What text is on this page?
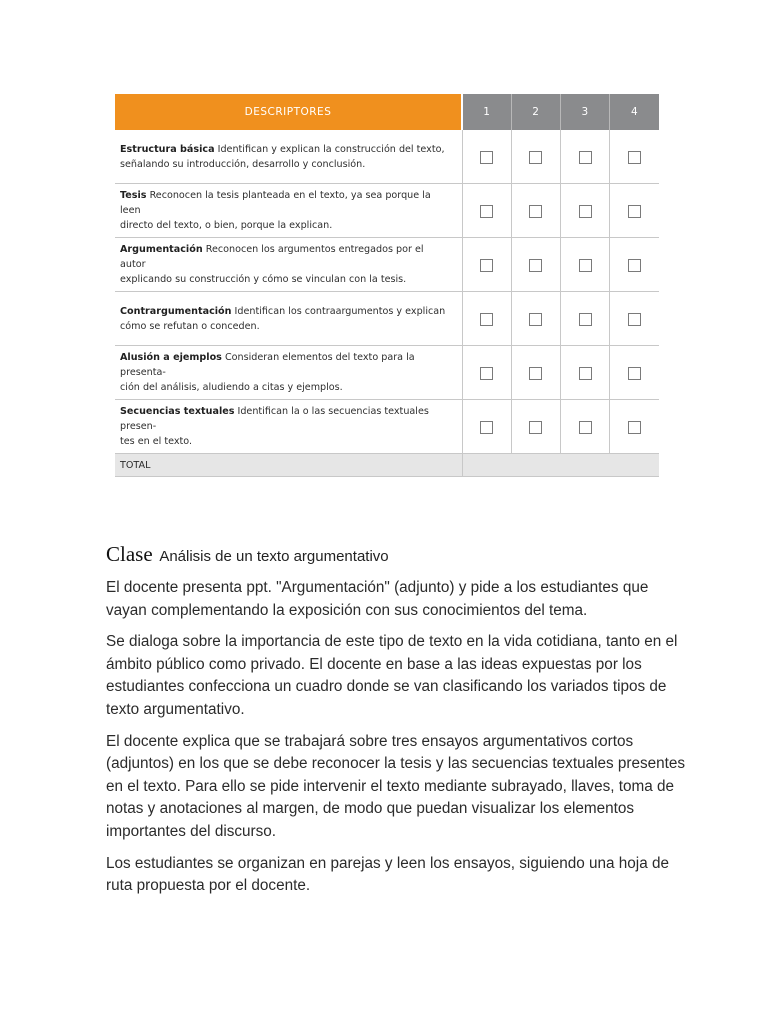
DESCRIPTORES	1	2	3	4
Estructura básica Identifican y explican la construcción del texto,
señalando su introducción, desarrollo y conclusión.				
Tesis Reconocen la tesis planteada en el texto, ya sea porque la leen
directo del texto, o bien, porque la explican.				
Argumentación Reconocen los argumentos entregados por el autor
explicando su construcción y cómo se vinculan con la tesis.				
Contrargumentación Identifican los contraargumentos y explican
cómo se refutan o conceden.				
Alusión a ejemplos Consideran elementos del texto para la presenta-
ción del análisis, aludiendo a citas y ejemplos.				
Secuencias textuales Identifican la o las secuencias textuales presen-
tes en el texto.				
TOTAL				
Clase Análisis de un texto argumentativo

El docente presenta ppt. "Argumentación" (adjunto) y pide a los estudiantes que vayan complementando la exposición con sus conocimientos del tema.

Se dialoga sobre la importancia de este tipo de texto en la vida cotidiana, tanto en el ámbito público como privado. El docente en base a las ideas expuestas por los estudiantes confecciona un cuadro donde se van clasificando los variados tipos de texto argumentativo.

El docente explica que se trabajará sobre tres ensayos argumentativos cortos (adjuntos) en los que se debe reconocer la tesis y las secuencias textuales presentes en el texto. Para ello se pide intervenir el texto mediante subrayado, llaves, toma de notas y anotaciones al margen, de modo que puedan visualizar los elementos importantes del discurso.

Los estudiantes se organizan en parejas y leen los ensayos, siguiendo una hoja de ruta propuesta por el docente.
